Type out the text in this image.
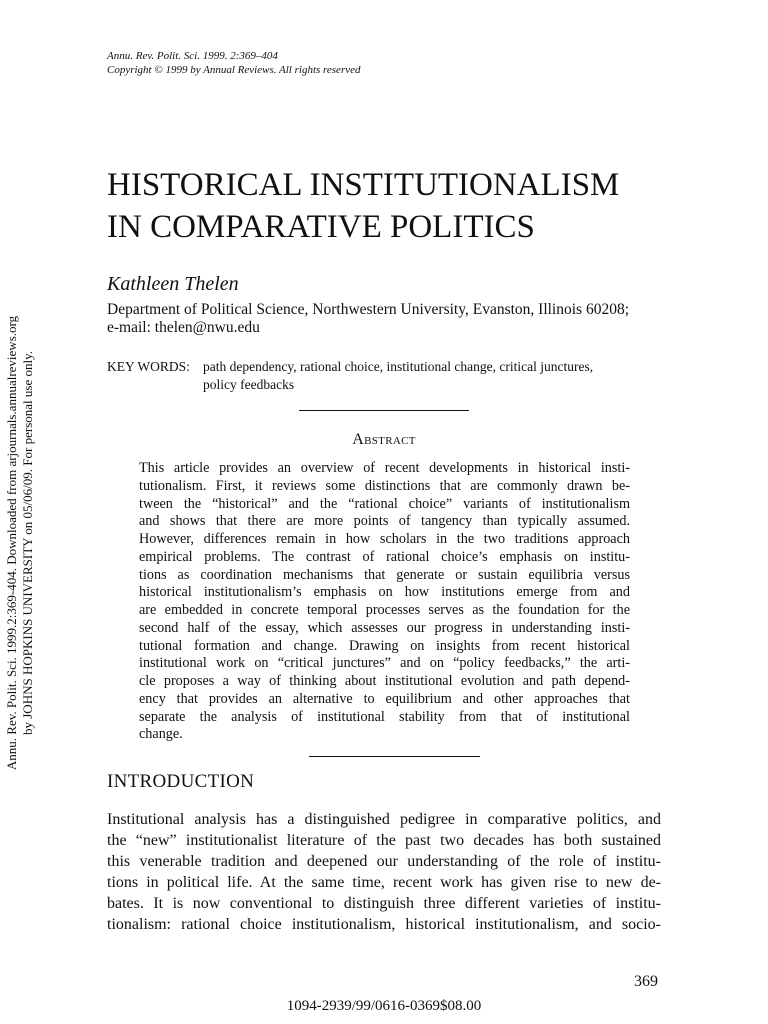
Annu. Rev. Polit. Sci. 1999. 2:369–404
Copyright © 1999 by Annual Reviews. All rights reserved
HISTORICAL INSTITUTIONALISM
IN COMPARATIVE POLITICS
Kathleen Thelen
Department of Political Science, Northwestern University, Evanston, Illinois 60208;
e-mail: thelen@nwu.edu
KEY WORDS: path dependency, rational choice, institutional change, critical junctures,
policy feedbacks
Abstract
This article provides an overview of recent developments in historical insti-
tutionalism. First, it reviews some distinctions that are commonly drawn be-
tween the “historical” and the “rational choice” variants of institutionalism
and shows that there are more points of tangency than typically assumed.
However, differences remain in how scholars in the two traditions approach
empirical problems. The contrast of rational choice’s emphasis on institu-
tions as coordination mechanisms that generate or sustain equilibria versus
historical institutionalism’s emphasis on how institutions emerge from and
are embedded in concrete temporal processes serves as the foundation for the
second half of the essay, which assesses our progress in understanding insti-
tutional formation and change. Drawing on insights from recent historical
institutional work on “critical junctures” and on “policy feedbacks,” the arti-
cle proposes a way of thinking about institutional evolution and path depend-
ency that provides an alternative to equilibrium and other approaches that
separate the analysis of institutional stability from that of institutional
change.
INTRODUCTION
Institutional analysis has a distinguished pedigree in comparative politics, and
the “new” institutionalist literature of the past two decades has both sustained
this venerable tradition and deepened our understanding of the role of institu-
tions in political life. At the same time, recent work has given rise to new de-
bates. It is now conventional to distinguish three different varieties of institu-
tionalism: rational choice institutionalism, historical institutionalism, and socio-
369
1094-2939/99/0616-0369$08.00
Annu. Rev. Polit. Sci. 1999.2:369-404. Downloaded from arjournals.annualreviews.org by JOHNS HOPKINS UNIVERSITY on 05/06/09. For personal use only.
